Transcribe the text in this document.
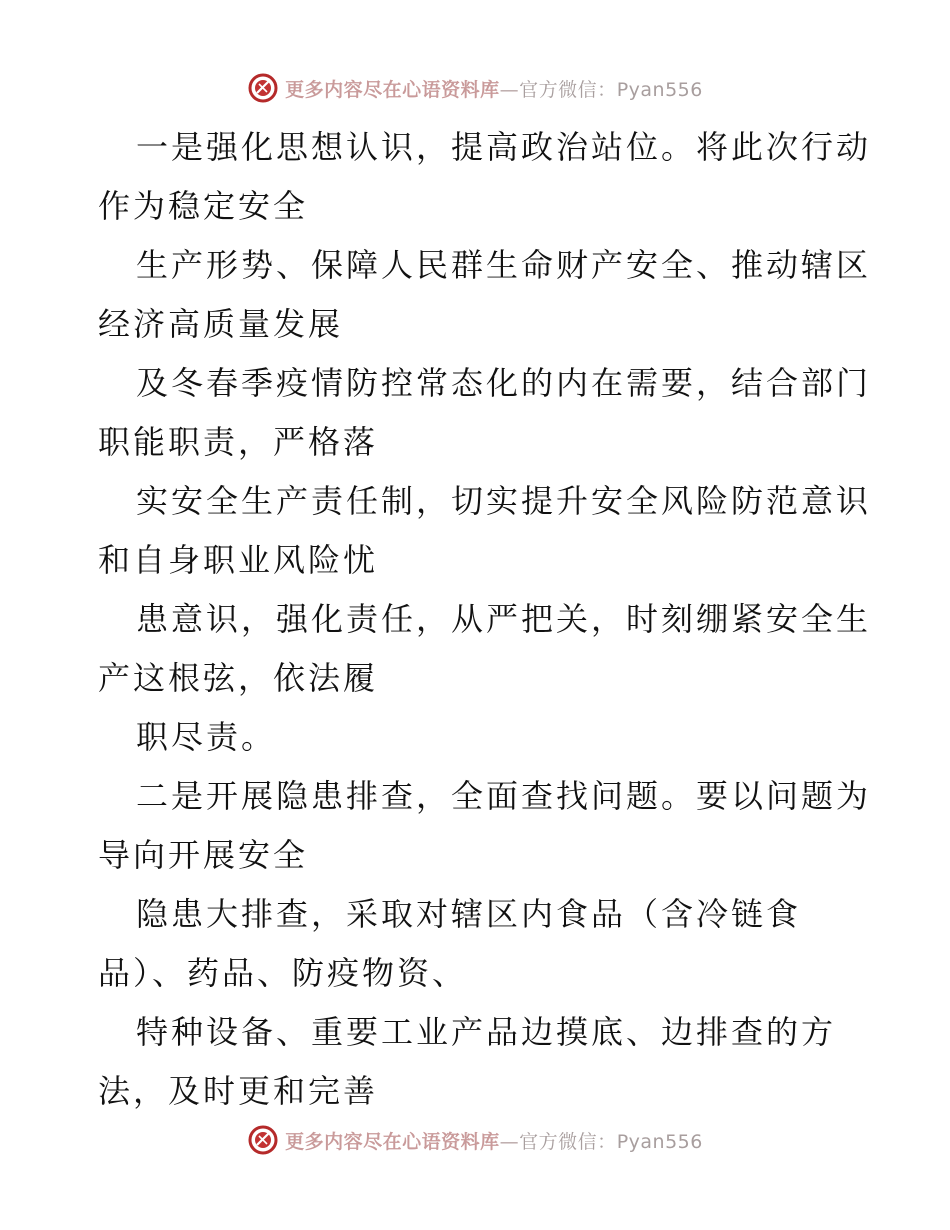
更多内容尽在心语资料库—官方微信：Pyan556
一是强化思想认识，提高政治站位。将此次行动
作为稳定安全
生产形势、保障人民群生命财产安全、推动辖区
经济高质量发展
及冬春季疫情防控常态化的内在需要，结合部门
职能职责，严格落
实安全生产责任制，切实提升安全风险防范意识
和自身职业风险忧
患意识，强化责任，从严把关，时刻绷紧安全生
产这根弦，依法履
职尽责。
二是开展隐患排查，全面查找问题。要以问题为
导向开展安全
隐患大排查，采取对辖区内食品（含冷链食
品）、药品、防疫物资、
特种设备、重要工业产品边摸底、边排查的方
法，及时更和完善
更多内容尽在心语资料库—官方微信：Pyan556
